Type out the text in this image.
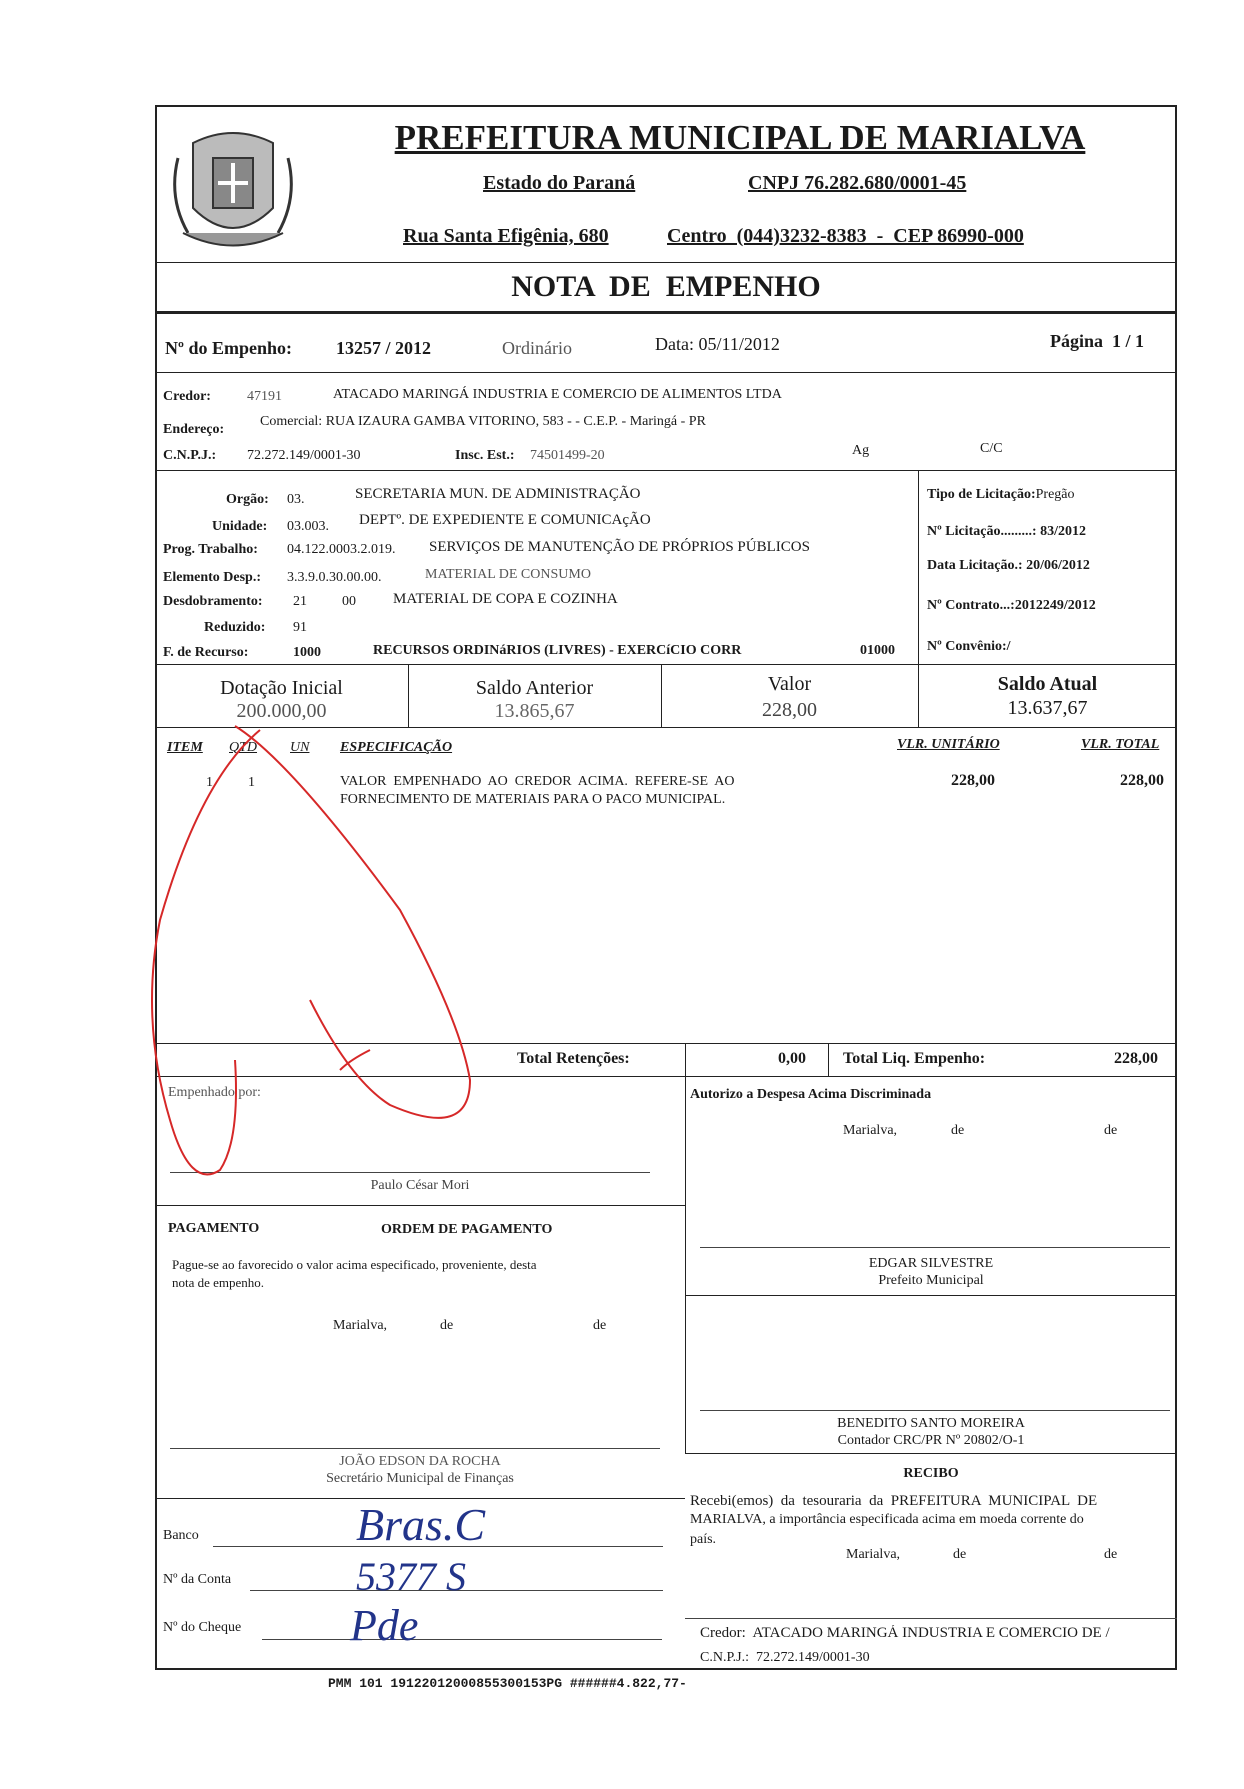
PREFEITURA MUNICIPAL DE MARIALVA
Estado do Paraná	CNPJ 76.282.680/0001-45
Rua Santa Efigênia, 680	Centro  (044)3232-8383  -  CEP 86990-000
NOTA  DE  EMPENHO
Nº do Empenho: 13257 / 2012	Ordinário	Data: 05/11/2012	Página  1 / 1
Credor:	47191	ATACADO MARINGÁ INDUSTRIA E COMERCIO DE ALIMENTOS LTDA
Endereço:
Comercial: RUA IZAURA GAMBA VITORINO, 583 - - C.E.P. - Maringá - PR
C.N.P.J.: 72.272.149/0001-30	Insc. Est.: 74501499-20	Ag	C/C
Orgão: 03.	SECRETARIA MUN. DE ADMINISTRAÇÃO
Unidade: 03.003. DEPTº. DE EXPEDIENTE E COMUNICAçÃO
Prog. Trabalho: 04.122.0003.2.019. SERVIÇOS DE MANUTENÇÃO DE PRÓPRIOS PÚBLICOS
Elemento Desp.: 3.3.9.0.30.00.00.	MATERIAL DE CONSUMO
Desdobramento: 21	00 MATERIAL DE COPA E COZINHA
Reduzido: 91
F. de Recurso:	1000	RECURSOS ORDINáRIOS (LIVRES) - EXERCíCIO CORR	01000
Tipo de Licitação:Pregão
Nº Licitação.........: 83/2012
Data Licitação.: 20/06/2012
Nº Contrato...:2012249/2012
Nº Convênio:/
Dotação Inicial
200.000,00
Saldo Anterior
13.865,67
Valor
228,00
Saldo Atual
13.637,67
ITEM QTD UN ESPECIFICAÇÃO	VLR. UNITÁRIO	VLR. TOTAL
1	1	VALOR  EMPENHADO  AO  CREDOR  ACIMA.  REFERE-SE  AO
FORNECIMENTO DE MATERIAIS PARA O PACO MUNICIPAL.
228,00	228,00
Total Retenções:	0,00 Total Liq. Empenho:	228,00
Empenhado por:
Paulo César Mori
Autorizo a Despesa Acima Discriminada
Marialva,	de	de
EDGAR SILVESTRE
Prefeito Municipal
BENEDITO SANTO MOREIRA
Contador CRC/PR Nº 20802/O-1
PAGAMENTO	ORDEM DE PAGAMENTO
Pague-se ao favorecido o valor acima especificado, proveniente, desta
nota de empenho.
Marialva,	de	de
JOÃO EDSON DA ROCHA
Secretário Municipal de Finanças
Banco	Bras.C
Nº da Conta	5377 S
Nº do Cheque Pde
RECIBO
Recebi(emos)  da  tesouraria  da  PREFEITURA  MUNICIPAL  DE
MARIALVA, a importância especificada acima em moeda corrente do
país.
Marialva,	de	de
Credor:  ATACADO MARINGÁ INDUSTRIA E COMERCIO DE /
C.N.P.J.:  72.272.149/0001-30
PMM 101 19122012000855300153PG ######4.822,77-
